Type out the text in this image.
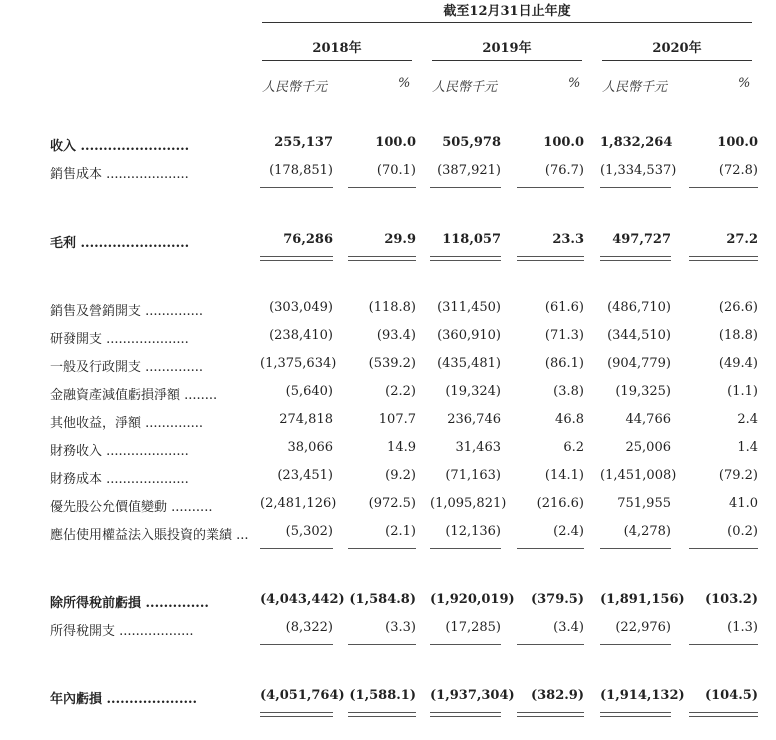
截至12月31日止年度
2018年	2019年	2020年
人民幣千元	% 人民幣千元	% 人民幣千元	%
收入 ........................	255,137	100.0	505,978	100.0 1,832,264	100.0
銷售成本 ....................	(178,851)	(70.1)	(387,921)	(76.7) (1,334,537)	(72.8)
毛利 ........................	76,286	29.9	118,057	23.3	497,727	27.2
銷售及營銷開支 ..............	(303,049)	(118.8)	(311,450)	(61.6)	(486,710)	(26.6)
研發開支 ....................	(238,410)	(93.4)	(360,910)	(71.3)	(344,510)	(18.8)
一般及行政開支 ..............	(1,375,634)	(539.2)	(435,481)	(86.1)	(904,779)	(49.4)
金融資產減值虧損淨額 ........	(5,640)	(2.2)	(19,324)	(3.8)	(19,325)	(1.1)
其他收益，淨額 ..............	274,818	107.7	236,746	46.8	44,766	2.4
財務收入 ....................	38,066	14.9	31,463	6.2	25,006	1.4
財務成本 ....................	(23,451)	(9.2)	(71,163)	(14.1) (1,451,008)	(79.2)
優先股公允價值變動 ..........	(2,481,126)	(972.5) (1,095,821)	(216.6)	751,955	41.0
應佔使用權益法入賬投資的業績 ...	(5,302)	(2.1)	(12,136)	(2.4)	(4,278)	(0.2)
除所得稅前虧損 ..............	(4,043,442) (1,584.8) (1,920,019)	(379.5) (1,891,156)	(103.2)
所得稅開支 ..................	(8,322)	(3.3)	(17,285)	(3.4)	(22,976)	(1.3)
年內虧損 ....................	(4,051,764) (1,588.1) (1,937,304)	(382.9) (1,914,132)	(104.5)
